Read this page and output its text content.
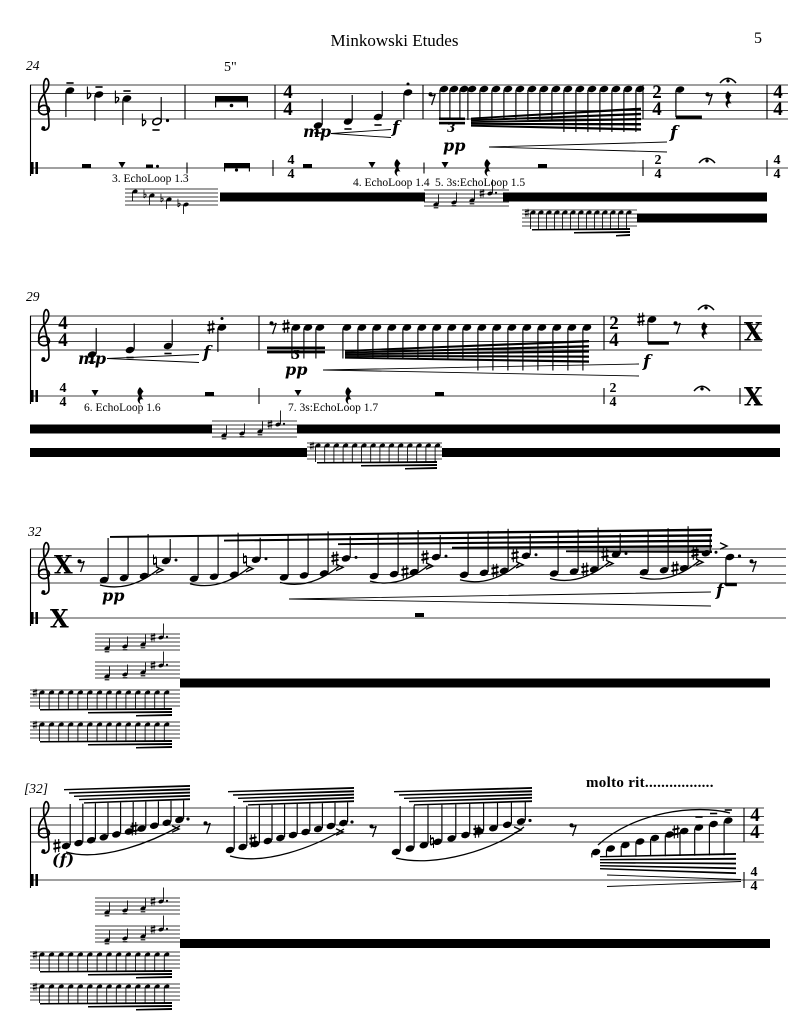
Minkowski Etudes	5
24	5"
4
4
2
4
4
4
4
4
2
4
4
4
mp	f	3
pp
f
3. EchoLoop 1.3	4. EchoLoop 1.4 5. 3s:EchoLoop 1.5
29
4
4
2
4
4
4
2
4
mp	f	3
pp	f
X
X
6. EchoLoop 1.6	7. 3s:EchoLoop 1.7
32
X
X
pp	f
[32]	molto rit.................
(f)
4
4
4
4
